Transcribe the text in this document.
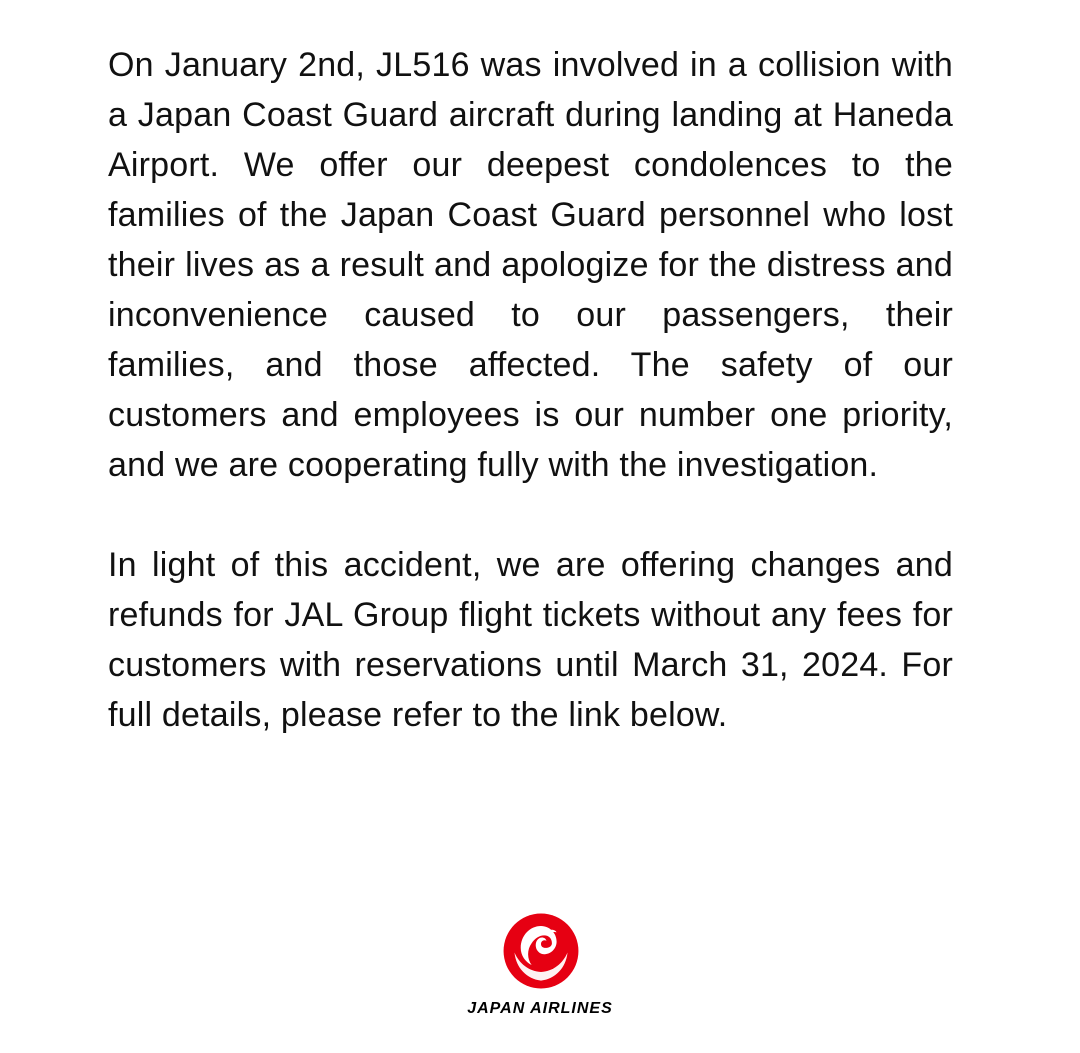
On January 2nd, JL516 was involved in a collision with a Japan Coast Guard aircraft during landing at Haneda Airport. We offer our deepest condolences to the families of the Japan Coast Guard personnel who lost their lives as a result and apologize for the distress and inconvenience caused to our passengers, their families, and those affected. The safety of our customers and employees is our number one priority, and we are cooperating fully with the investigation.

In light of this accident, we are offering changes and refunds for JAL Group flight tickets without any fees for customers with reservations until March 31, 2024. For full details, please refer to the link below.

JAL
JAPAN AIRLINES
